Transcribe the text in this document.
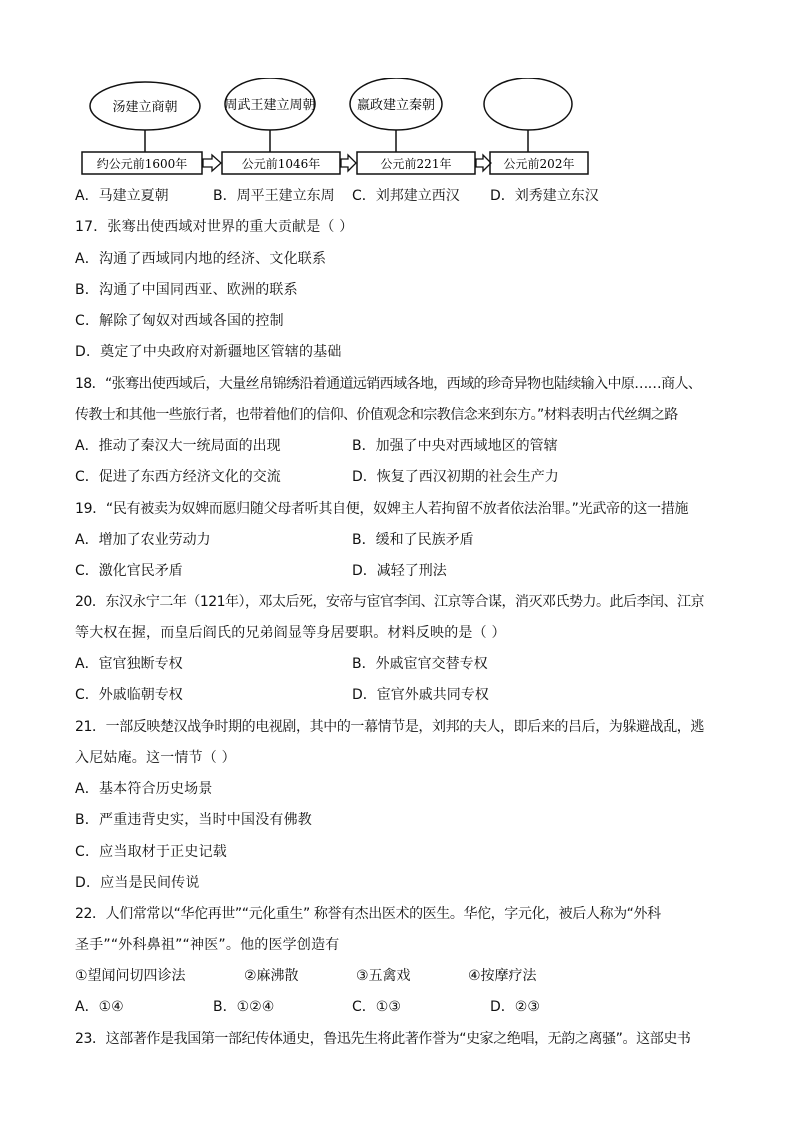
汤建立商朝
约公元前1600年
周武王建立周朝
公元前1046年
嬴政建立秦朝
公元前221年	公元前202年
A．马建立夏朝	B．周平王建立东周 C．刘邦建立西汉 D．刘秀建立东汉
17．张骞出使西域对世界的重大贡献是（ ）
A．沟通了西域同内地的经济、文化联系
B．沟通了中国同西亚、欧洲的联系
C．解除了匈奴对西域各国的控制
D．奠定了中央政府对新疆地区管辖的基础
18．“张骞出使西域后，大量丝帛锦绣沿着通道远销西域各地，西域的珍奇异物也陆续输入中原……商人、
传教士和其他一些旅行者，也带着他们的信仰、价值观念和宗教信念来到东方。”材料表明古代丝绸之路
A．推动了秦汉大一统局面的出现	B．加强了中央对西域地区的管辖
C．促进了东西方经济文化的交流	D．恢复了西汉初期的社会生产力
19．“民有被卖为奴婢而愿归随父母者听其自便，奴婢主人若拘留不放者依法治罪。”光武帝的这一措施
A．增加了农业劳动力	B．缓和了民族矛盾
C．激化官民矛盾	D．减轻了刑法
20．东汉永宁二年（121年），邓太后死，安帝与宦官李闰、江京等合谋，消灭邓氏势力。此后李闰、江京
等大权在握，而皇后阎氏的兄弟阎显等身居要职。材料反映的是（ ）
A．宦官独断专权	B．外戚宦官交替专权
C．外戚临朝专权	D．宦官外戚共同专权
21．一部反映楚汉战争时期的电视剧，其中的一幕情节是，刘邦的夫人，即后来的吕后，为躲避战乱，逃
入尼姑庵。这一情节（ ）
A．基本符合历史场景
B．严重违背史实，当时中国没有佛教
C．应当取材于正史记载
D．应当是民间传说
22．人们常常以“华佗再世”“元化重生” 称誉有杰出医术的医生。华佗，字元化，被后人称为“外科
圣手”“外科鼻祖”“神医”。他的医学创造有
①望闻问切四诊法	②麻沸散	③五禽戏	④按摩疗法
A．①④	B．①②④	C．①③	D．②③
23．这部著作是我国第一部纪传体通史，鲁迅先生将此著作誉为“史家之绝唱，无韵之离骚”。这部史书
